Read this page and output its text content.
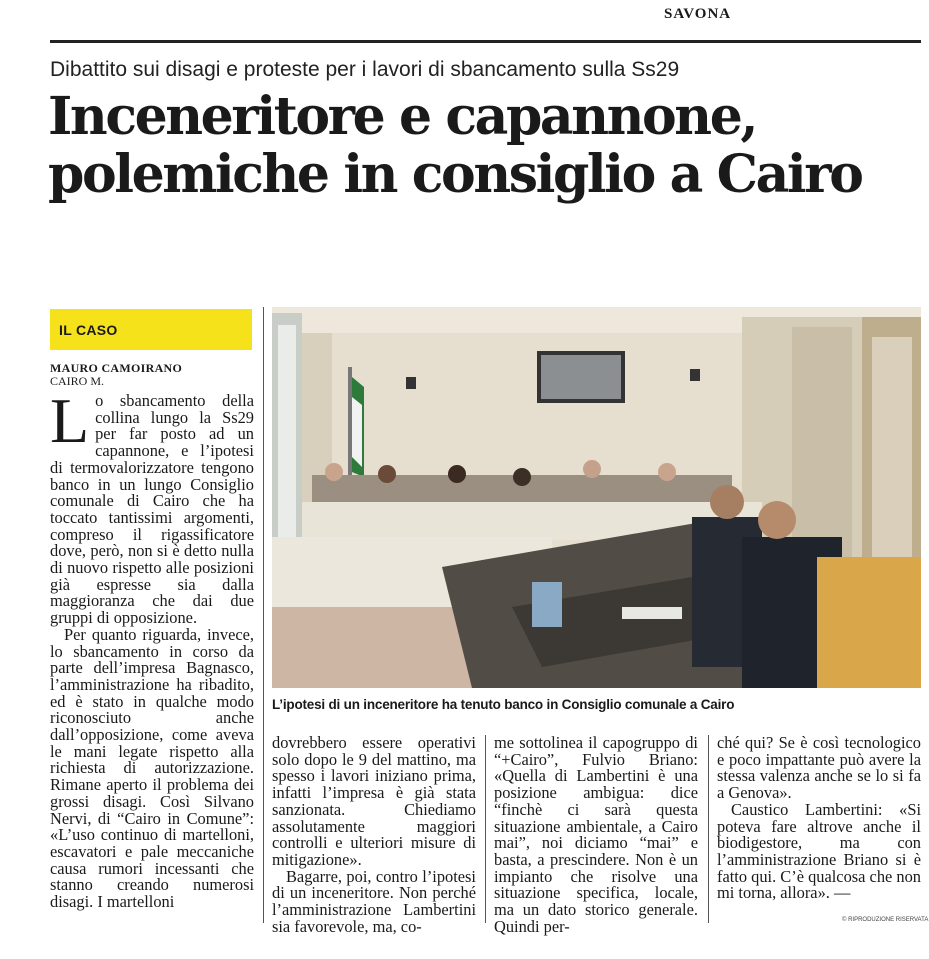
SAVONA
Dibattito sui disagi e proteste per i lavori di sbancamento sulla Ss29
Inceneritore e capannone,
polemiche in consiglio a Cairo
IL CASO
MAURO CAMOIRANO
CAIRO M.

Lo sbancamento della collina lungo la Ss29 per far posto ad un capannone, e l’ipotesi di termovalorizzatore tengono banco in un lungo Consiglio comunale di Cairo che ha toccato tantissimi argomenti, compreso il rigassificatore dove, però, non si è detto nulla di nuovo rispetto alle posizioni già espresse sia dalla maggioranza che dai due gruppi di opposizione.

Per quanto riguarda, invece, lo sbancamento in corso da parte dell’impresa Bagnasco, l’amministrazione ha ribadito, ed è stato in qualche modo riconosciuto anche dall’opposizione, come aveva le mani legate rispetto alla richiesta di autorizzazione. Rimane aperto il problema dei grossi disagi. Così Silvano Nervi, di “Cairo in Comune”: «L’uso continuo di martelloni, escavatori e pale meccaniche causa rumori incessanti che stanno creando numerosi disagi. I martelloni

L’ipotesi di un inceneritore ha tenuto banco in Consiglio comunale a Cairo

dovrebbero essere operativi solo dopo le 9 del mattino, ma spesso i lavori iniziano prima, infatti l’impresa è già stata sanzionata. Chiediamo assolutamente maggiori controlli e ulteriori misure di mitigazione».

Bagarre, poi, contro l’ipotesi di un inceneritore. Non perché l’amministrazione Lambertini sia favorevole, ma, co-

me sottolinea il capogruppo di “+Cairo”, Fulvio Briano: «Quella di Lambertini è una posizione ambigua: dice “finchè ci sarà questa situazione ambientale, a Cairo mai”, noi diciamo “mai” e basta, a prescindere. Non è un impianto che risolve una situazione specifica, locale, ma un dato storico generale. Quindi per-

ché qui? Se è così tecnologico e poco impattante può avere la stessa valenza anche se lo si fa a Genova».

Caustico Lambertini: «Si poteva fare altrove anche il biodigestore, ma con l’amministrazione Briano si è fatto qui. C’è qualcosa che non mi torna, allora». —

© RIPRODUZIONE RISERVATA
